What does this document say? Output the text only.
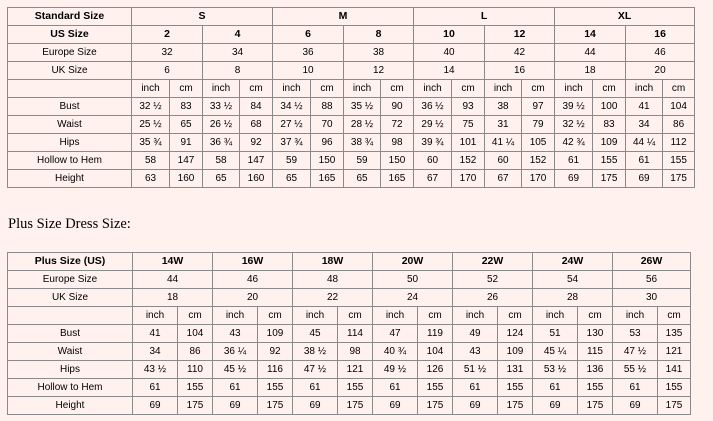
Standard Size	S				M				L				XL			
US Size	2		4		6		8		10		12		14		16	
Europe Size	32		34		36		38		40		42		44		46	
UK Size	6		8		10		12		14		16		18		20	
	inch	cm	inch	cm	inch	cm	inch	cm	inch	cm	inch	cm	inch	cm	inch	cm
Bust	32 ½	83	33 ½	84	34 ½	88	35 ½	90	36 ½	93	38	97	39 ½	100	41	104
Waist	25 ½	65	26 ½	68	27 ½	70	28 ½	72	29 ½	75	31	79	32 ½	83	34	86
Hips	35 ¾	91	36 ¾	92	37 ¾	96	38 ¾	98	39 ¾	101	41 ¼	105	42 ¾	109	44 ¼	112
Hollow to Hem	58	147	58	147	59	150	59	150	60	152	60	152	61	155	61	155
Height	63	160	65	160	65	165	65	165	67	170	67	170	69	175	69	175
Plus Size Dress Size:
Plus Size (US)	14W		16W		18W		20W		22W		24W		26W	
Europe Size	44		46		48		50		52		54		56	
UK Size	18		20		22		24		26		28		30	
	inch	cm	inch	cm	inch	cm	inch	cm	inch	cm	inch	cm	inch	cm
Bust	41	104	43	109	45	114	47	119	49	124	51	130	53	135
Waist	34	86	36 ¼	92	38 ½	98	40 ¾	104	43	109	45 ¼	115	47 ½	121
Hips	43 ½	110	45 ½	116	47 ½	121	49 ½	126	51 ½	131	53 ½	136	55 ½	141
Hollow to Hem	61	155	61	155	61	155	61	155	61	155	61	155	61	155
Height	69	175	69	175	69	175	69	175	69	175	69	175	69	175
